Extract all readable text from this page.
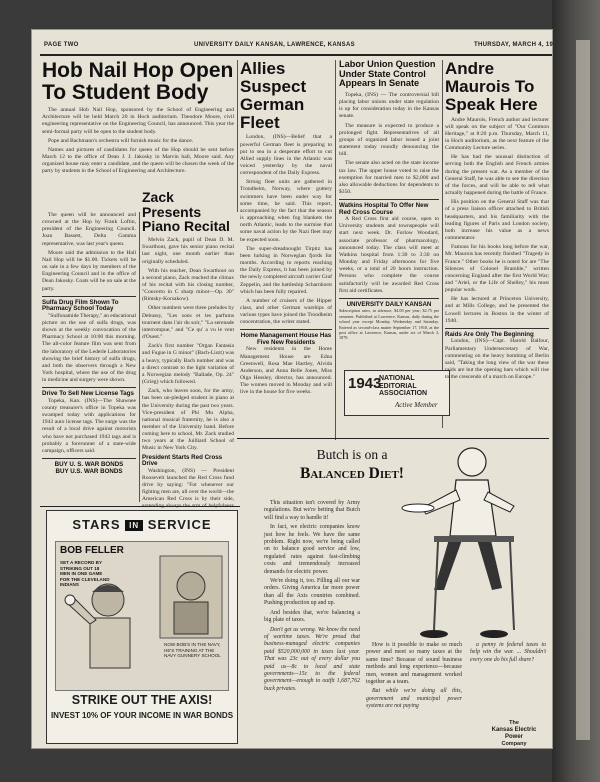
PAGE TWO	UNIVERSITY DAILY KANSAN, LAWRENCE, KANSAS	THURSDAY, MARCH 4, 19
Hob Nail Hop Open To Student Body

The annual Hob Nail Hop, sponsored by the School of Engineering and Architecture will be held March 20 in Hoch auditorium. Theodore Moore, civil engineering representative on the Engineering Council, has announced. This year the semi-formal party will be open to the student body.

Pope and Bachmann's orchestra will furnish music for the dance.

Names and pictures of candidates for queen of the Hop should be sent before March 12 to the office of Dean J. J. Jakosky in Marvin hall, Moore said. Any organized house may enter a candidate, and the queen will be chosen the week of the party by students in the School of Engineering and Architecture.

The queen will be announced and crowned at the Hop by Frank Loftin, president of the Engineering Council. Joan Bassett, Delta Gamma representative, was last year's queen.

Moore said the admission to the Hall Nail Hop will be $1.00. Tickets will be on sale in a few days by members of the Engineering Council and in the office of Dean Jakosky. Coats will be on sale at the party.

Sulfa Drug Film Shown To Pharmacy School Today

"Sulfonamide Therapy," an educational picture on the use of sulfa drugs, was shown at the weekly convocation of the Pharmacy School at 10:00 this morning. The all-color feature film was sent from the laboratory of the Lederle Laboratories showing the brief history of sulfa drugs, and both the observers through a New York hospital, where the use of the drug in medicine and surgery were shown.

Drive To Sell New License Tags

Topeka, Kan. (INS)—The Shawnee county treasurer's office in Topeka was swamped today with applications for 1943 auto license tags. The surge was the result of a local drive against motorists who have not purchased 1943 tags and is probably a forerunner of a state-wide campaign, officers said.

BUY U. S. WAR BONDS
BUY U.S. WAR BONDS
Zack Presents Piano Recital

Melvin Zack, pupil of Dean D. M. Swarthout, gave his senior piano recital last night, one month earlier than originally scheduled.

With his teacher, Dean Swarthout on a second piano, Zack reached the climax of his recital with his closing number, "Concerto in C sharp minor—Op. 30" (Rimsky-Korsakow).

Other numbers were three preludes by Debussy, "Les sons et les parfums tournent dans l'air du soir," "La serenade interrompue," and "Ce qu' a vu le vent d'Ouest."

Zack's first number "Organ Fantasia and Fugue in G minor" (Bach-Liszt) was a heavy, typically Bach number and was a direct contrast to the light variation of a Norwegian melody "Ballade, Op. 24" (Grieg) which followed.

Zack, who leaves soon, for the army, has been un-pledged student in piano at the University during the past two years. Vice-president of Phi Mu Alpha, national musical fraternity, he is also a member of the University band. Before coming here to school, Mr. Zack studied two years at the Juilliard School of Music in New York City.

President Starts Red Cross Drive

Washington, (INS) — President Roosevelt launched the Red Cross fund drive by saying: "For whenever our fighting men are, all over the world—the American Red Cross is by their side,

Allies Suspect German Fleet

London, (INS)—Belief that a powerful German fleet is preparing to put to sea in a desperate effort to cut Allied supply lines in the Atlantic was voiced yesterday by the naval correspondent of the Daily Express.

Strong fleet units are gathered in Trondheim, Norway, where guttery swimmers have been under way for some time, he said. This report, accompanied by the fact that the season is approaching when fog blankets the north Atlantic, leads to the surmise that some naval action by the Nazi fleet may be expected soon.

The super-dreadnought Tirpitz has been lurking in Norwegian fjords for months. According to reports reaching the Daily Express, it has been joined by the newly completed aircraft carrier Graf Zeppelin, and the battleship Scharnhorst which has been fully repaired.

A number of cruisers of the Hipper class, and other German warships of various types have joined the Trondheim concentration, the writer stated.

Home Management House Has Five New Residents

New residents in the Home Management House are Edna Greenwell, Rosa Mae Hartley, Alvida Anderson, and Anna Belle Jones, Miss Olga Hessley, director, has announced. The women moved in Monday and will live in the house for five weeks.

Labor Union Question Under State Control Appears In Senate

Topeka, (INS) — The controversial bill placing labor unions under state regulation is up for consideration today in the Kansas senate.

The measure is expected to produce a prolonged fight. Representatives of all groups of organized labor issued a joint statement today roundly denouncing the bill.

The senate also acted on the state income tax law. The upper house voted to raise the exemption for married men to $2,000 and also allowable deductions for dependents to $350.

Watkins Hospital To Offer New Red Cross Course

A Red Cross first aid course, open to University students and townspeople will start next week. Dr. Furlow Woodard, associate professor of pharmacology, announced today. The class will meet at Watkins hospital from 1:30 to 3:30 on Monday and Friday afternoons for five weeks, or a total of 20 hours instruction. Persons who complete the course satisfactorily will be awarded Red Cross first aid certificates.

UNIVERSITY DAILY KANSAN
Subscription rates, in advance, $4.00 per year; $2.75 per semester. Published at Lawrence, Kansas, daily during the school year except Monday, Wednesday and Saturday. Entered as second-class matter September 17, 1910, at the post office at Lawrence, Kansas, under act of March 3, 1879.
1943
NATIONAL EDITORIAL ASSOCIATION
Active Member
Andre Maurois To Speak Here

Andre Maurois, French author and lecturer will speak on the subject of "Our Common Heritage," at 8:20 p.m. Thursday, March 11, in Hoch auditorium, as the next feature of the Community Lecture series.

He has had the unusual distinction of serving both the English and French armies during the present war. As a member of the General Staff, he was able to see the direction of the forces, and will be able to tell what actually happened during the battle of France.

His position on the General Staff was that of a press liaison officer attached to British headquarters, and his familiarity with the leading figures of Paris and London society, both increase his value as a news commentator.

Famous for his books long before the war, Mr. Maurois has recently finished "Tragedy in France." Other books he is noted for are "The Silences of Colonel Bramble," written concerning England after the first World War; and "Ariel, or the Life of Shelley," his most popular work.

He has lectured at Princeton University, and at Mills College, and he presented the Lowell lectures in Boston in the winter of 1940.

Raids Are Only The Beginning

London, (INS)—Capt. Harold Balfour, Parliamentary Undersecretary of War, commenting on the heavy bombing of Berlin said, "Taking the long view of the war these raids are but the opening bars which will rise to the crescendo of a march on Europe."

STARS IN SERVICE
BOB FELLER
SET A RECORD BY STRIKING OUT 18 MEN IN ONE GAME FOR THE CLEVELAND INDIANS
NOW BOB'S IN THE NAVY, HE'S TRAINING AT THE NAVY GUNNERY SCHOOL
STRIKE OUT THE AXIS!
INVEST 10% OF YOUR INCOME IN WAR BONDS
Butch is on a
Balanced Diet!

This situation isn't covered by Army regulations. But we're betting that Butch will find a way to handle it!

In fact, we electric companies know just how he feels. We have the same problem. Right now, we're being called on to balance good service and low, regulated rates against fast-climbing costs and tremendously increased demands for electric power.

We're doing it, too. Filling all our war orders. Giving America far more power than all the Axis countries combined. Pushing production up and up.

And besides that, we're balancing a big plate of taxes.

Don't get us wrong. We know the need of wartime taxes. We're proud that business-managed electric companies paid $520,000,000 in taxes last year. That was 23c out of every dollar you paid us—8c to local and state governments—15c to the federal government—enough to outfit 1,687,762 buck privates.

How is it possible to make so much power and meet so many taxes at the same time? Because of sound business methods and long experience—because men, women and management worked together as a team.

But while we're doing all this, government and municipal power systems are not paying

a penny in federal taxes to help win the war. ... Shouldn't every one do his full share?

The
Kansas Electric Power
Company
